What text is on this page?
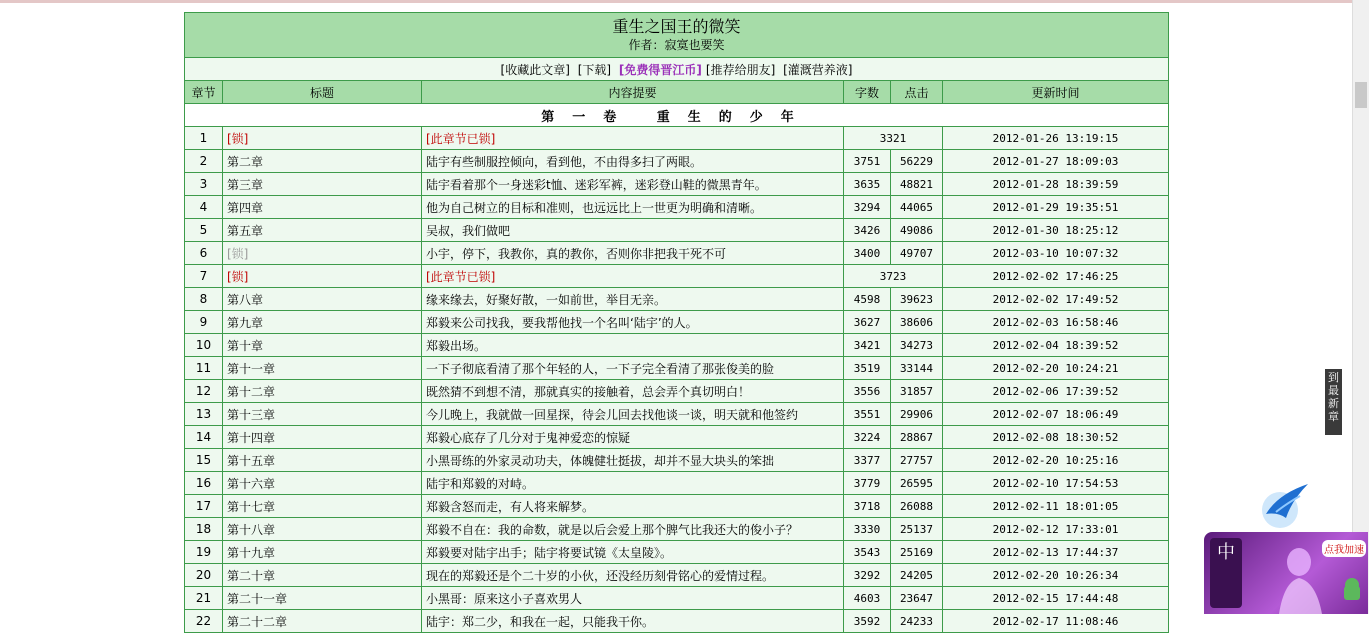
重生之国王的微笑
作者：寂寞也要笑					

[收藏此文章] [下载] [免费得晋江币] [推荐给朋友] [灌溉营养液]					
章节	标题	内容提要	字数	点击	更新时间
第一卷 重生的少年					
1	[锁]	[此章节已锁]	3321		2012-01-26 13:19:15
2	第二章	陆宇有些制服控倾向，看到他，不由得多扫了两眼。	3751	56229	2012-01-27 18:09:03
3	第三章	陆宇看着那个一身迷彩t恤、迷彩军裤，迷彩登山鞋的微黑青年。	3635	48821	2012-01-28 18:39:59
4	第四章	他为自己树立的目标和准则，也远远比上一世更为明确和清晰。	3294	44065	2012-01-29 19:35:51
5	第五章	吴叔，我们做吧	3426	49086	2012-01-30 18:25:12
6	[锁]	小宇，停下，我教你，真的教你，否则你非把我干死不可	3400	49707	2012-03-10 10:07:32
7	[锁]	[此章节已锁]	3723		2012-02-02 17:46:25
8	第八章	缘来缘去，好聚好散，一如前世，举目无亲。	4598	39623	2012-02-02 17:49:52
9	第九章	郑毅来公司找我，要我帮他找一个名叫‘陆宇’的人。	3627	38606	2012-02-03 16:58:46
10	第十章	郑毅出场。	3421	34273	2012-02-04 18:39:52
11	第十一章	一下子彻底看清了那个年轻的人，一下子完全看清了那张俊美的脸	3519	33144	2012-02-20 10:24:21
12	第十二章	既然猜不到想不清，那就真实的接触着，总会弄个真切明白！	3556	31857	2012-02-06 17:39:52
13	第十三章	今儿晚上，我就做一回星探，待会儿回去找他谈一谈，明天就和他签约	3551	29906	2012-02-07 18:06:49
14	第十四章	郑毅心底存了几分对于鬼神爱恋的惊疑	3224	28867	2012-02-08 18:30:52
15	第十五章	小黑哥练的外家灵动功夫，体魄健壮挺拔，却并不显大块头的笨拙	3377	27757	2012-02-20 10:25:16
16	第十六章	陆宇和郑毅的对峙。	3779	26595	2012-02-10 17:54:53
17	第十七章	郑毅含怒而走，有人将来解梦。	3718	26088	2012-02-11 18:01:05
18	第十八章	郑毅不自在：我的命数，就是以后会爱上那个脾气比我还大的俊小子？	3330	25137	2012-02-12 17:33:01
19	第十九章	郑毅要对陆宇出手；陆宇将要试镜《太皇陵》。	3543	25169	2012-02-13 17:44:37
20	第二十章	现在的郑毅还是个二十岁的小伙，还没经历刻骨铭心的爱情过程。	3292	24205	2012-02-20 10:26:34
21	第二十一章	小黑哥：原来这小子喜欢男人	4603	23647	2012-02-15 17:44:48
22	第二十二章	陆宇：郑二少，和我在一起，只能我干你。	3592	24233	2012-02-17 11:08:46
到最新章
中	点我加速
